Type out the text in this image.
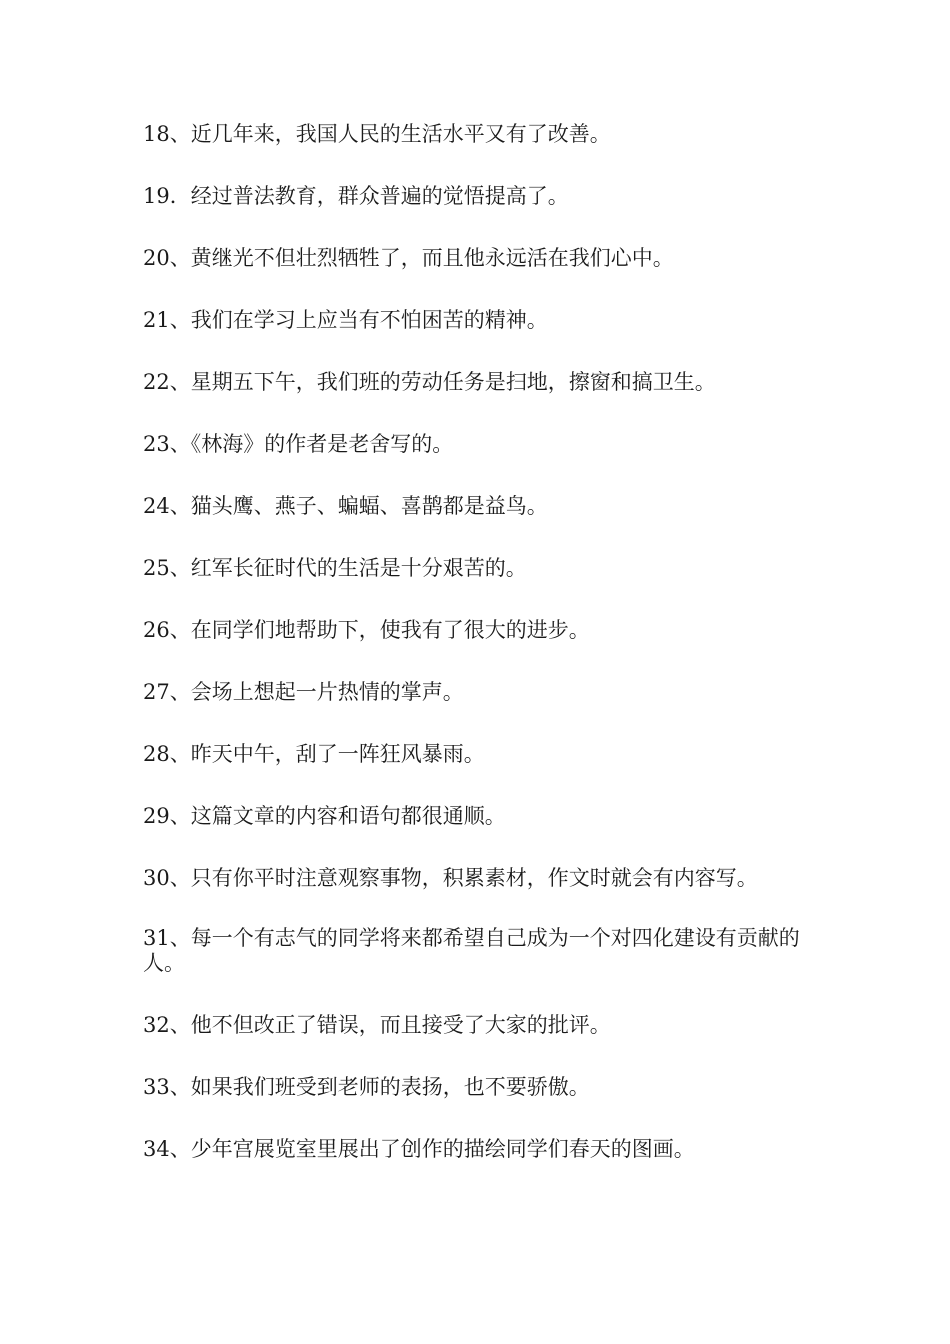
18、近几年来，我国人民的生活水平又有了改善。

19．经过普法教育，群众普遍的觉悟提高了。

20、黄继光不但壮烈牺牲了，而且他永远活在我们心中。

21、我们在学习上应当有不怕困苦的精神。

22、星期五下午，我们班的劳动任务是扫地，擦窗和搞卫生。

23、《林海》的作者是老舍写的。

24、猫头鹰、燕子、蝙蝠、喜鹊都是益鸟。

25、红军长征时代的生活是十分艰苦的。

26、在同学们地帮助下，使我有了很大的进步。

27、会场上想起一片热情的掌声。

28、昨天中午，刮了一阵狂风暴雨。

29、这篇文章的内容和语句都很通顺。

30、只有你平时注意观察事物，积累素材，作文时就会有内容写。

31、每一个有志气的同学将来都希望自己成为一个对四化建设有贡献的人。

32、他不但改正了错误，而且接受了大家的批评。

33、如果我们班受到老师的表扬，也不要骄傲。

34、少年宫展览室里展出了创作的描绘同学们春天的图画。
